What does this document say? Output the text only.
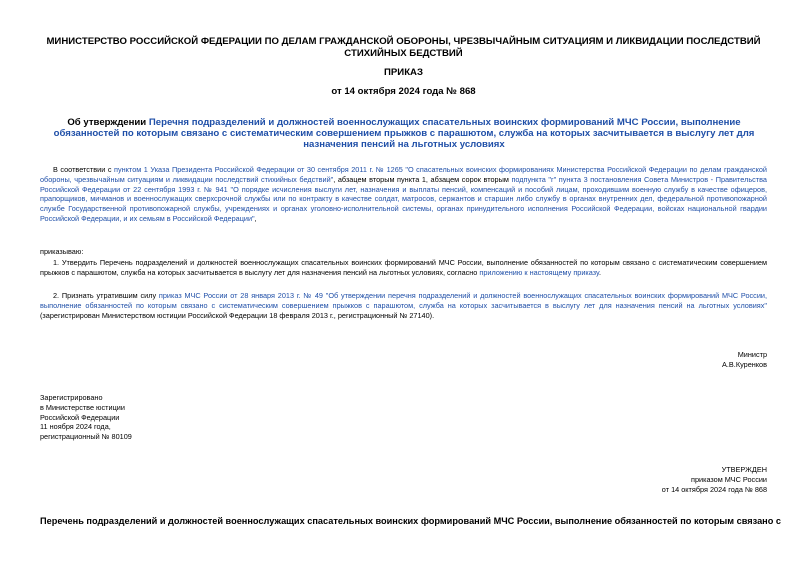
МИНИСТЕРСТВО РОССИЙСКОЙ ФЕДЕРАЦИИ ПО ДЕЛАМ ГРАЖДАНСКОЙ ОБОРОНЫ, ЧРЕЗВЫЧАЙНЫМ СИТУАЦИЯМ И ЛИКВИДАЦИИ ПОСЛЕДСТВИЙ СТИХИЙНЫХ БЕДСТВИЙ
ПРИКАЗ
от 14 октября 2024 года № 868
Об утверждении Перечня подразделений и должностей военнослужащих спасательных воинских формирований МЧС России, выполнение обязанностей по которым связано с систематическим совершением прыжков с парашютом, служба на которых засчитывается в выслугу лет для назначения пенсий на льготных условиях
В соответствии с пунктом 1 Указа Президента Российской Федерации от 30 сентября 2011 г. № 1265 "О спасательных воинских формированиях Министерства Российской Федерации по делам гражданской обороны, чрезвычайным ситуациям и ликвидации последствий стихийных бедствий", абзацем вторым пункта 1, абзацем сорок вторым подпункта "г" пункта 3 постановления Совета Министров - Правительства Российской Федерации от 22 сентября 1993 г. № 941 "О порядке исчисления выслуги лет, назначения и выплаты пенсий, компенсаций и пособий лицам, проходившим военную службу в качестве офицеров, прапорщиков, мичманов и военнослужащих сверхсрочной службы или по контракту в качестве солдат, матросов, сержантов и старшин либо службу в органах внутренних дел, федеральной противопожарной службе Государственной противопожарной службы, учреждениях и органах уголовно-исполнительной системы, органах принудительного исполнения Российской Федерации, войсках национальной гвардии Российской Федерации, и их семьям в Российской Федерации",
приказываю:
1. Утвердить Перечень подразделений и должностей военнослужащих спасательных воинских формирований МЧС России, выполнение обязанностей по которым связано с систематическим совершением прыжков с парашютом, служба на которых засчитывается в выслугу лет для назначения пенсий на льготных условиях, согласно приложению к настоящему приказу.
2. Признать утратившим силу приказ МЧС России от 28 января 2013 г. № 49 "Об утверждении перечня подразделений и должностей военнослужащих спасательных воинских формирований МЧС России, выполнение обязанностей по которым связано с систематическим совершением прыжков с парашютом, служба на которых засчитывается в выслугу лет для назначения пенсий на льготных условиях" (зарегистрирован Министерством юстиции Российской Федерации 18 февраля 2013 г., регистрационный № 27140).
Министр
А.В.Куренков
Зарегистрировано
в Министерстве юстиции
Российской Федерации
11 ноября 2024 года,
регистрационный № 80109
УТВЕРЖДЕН
приказом МЧС России
от 14 октября 2024 года № 868
Перечень подразделений и должностей военнослужащих спасательных воинских формирований МЧС России, выполнение обязанностей по которым связано с
